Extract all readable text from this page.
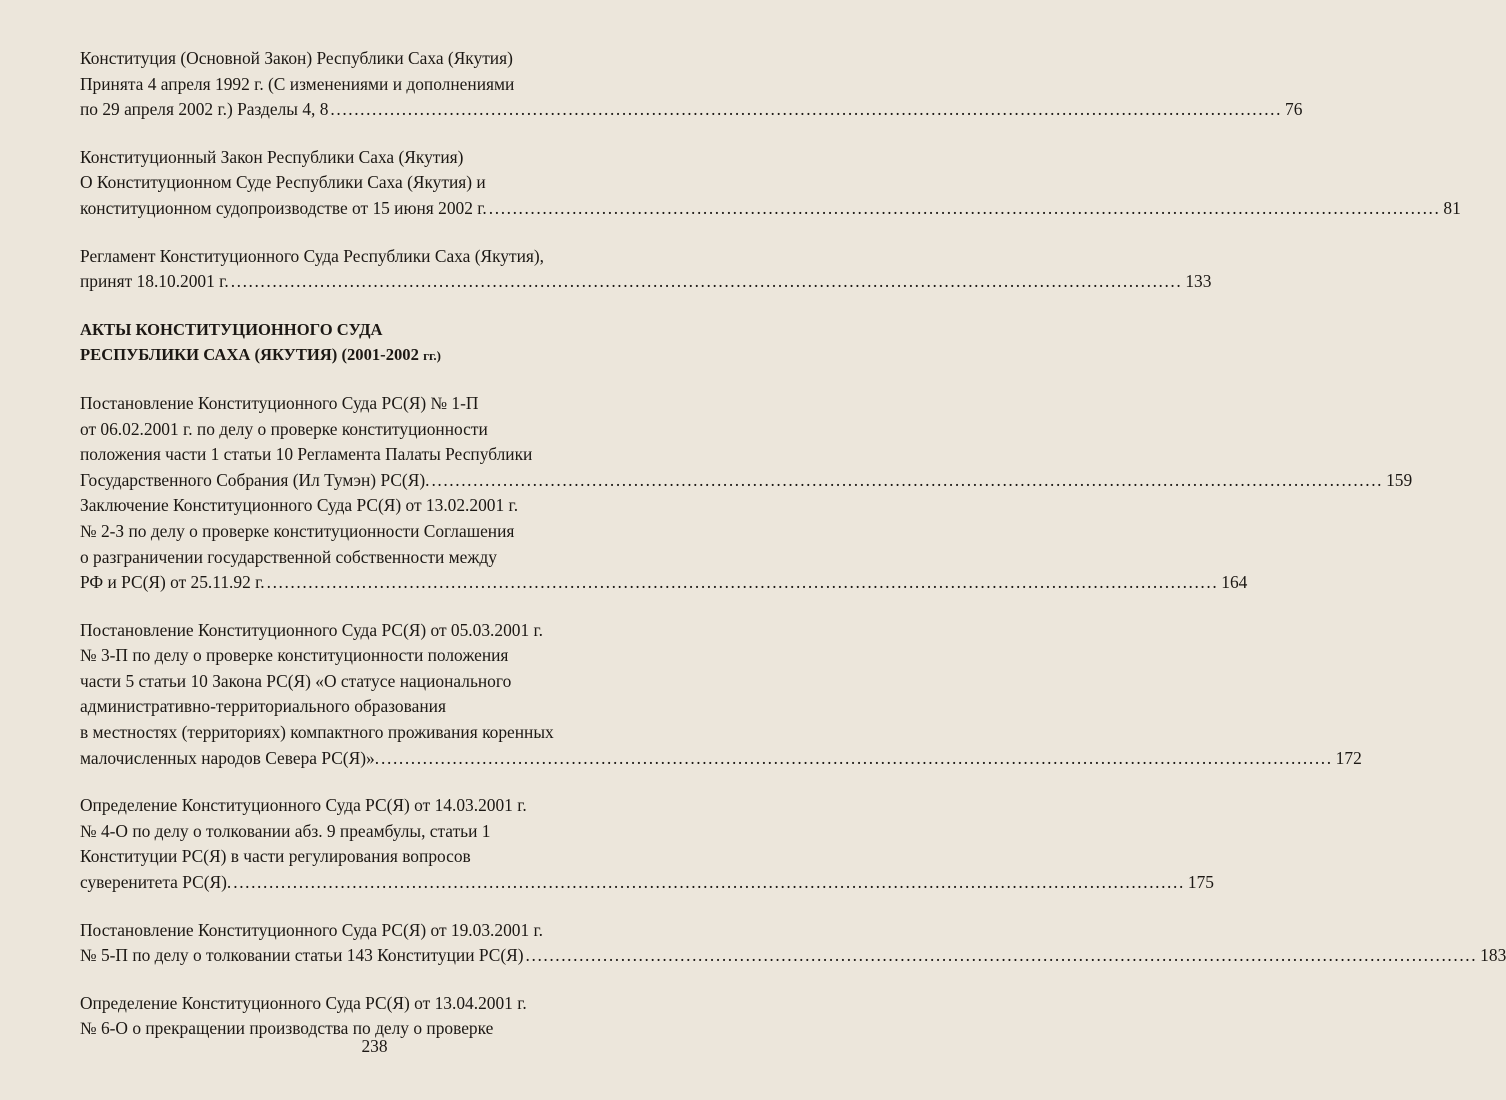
Конституция (Основной Закон) Республики Саха (Якутия)
Принята 4 апреля 1992 г. (С изменениями и дополнениями
по 29 апреля 2002 г.) Разделы 4, 8 ................................................................................................................................................................ 76
Конституционный Закон Республики Саха (Якутия)
О Конституционном Суде Республики Саха (Якутия) и
конституционном судопроизводстве от 15 июня 2002 г. ................................................................................................................................................................ 81
Регламент Конституционного Суда Республики Саха (Якутия),
принят 18.10.2001 г. ................................................................................................................................................................ 133
АКТЫ КОНСТИТУЦИОННОГО СУДА
РЕСПУБЛИКИ САХА (ЯКУТИЯ) (2001-2002 гг.)
Постановление Конституционного Суда РС(Я) № 1-П
от 06.02.2001 г. по делу о проверке конституционности
положения части 1 статьи 10 Регламента Палаты Республики
Государственного Собрания (Ил Тумэн) РС(Я). ................................................................................................................................................................ 159
Заключение Конституционного Суда РС(Я) от 13.02.2001 г.
№ 2-З по делу о проверке конституционности Соглашения
о разграничении государственной собственности между
РФ и РС(Я) от 25.11.92 г. ................................................................................................................................................................ 164
Постановление Конституционного Суда РС(Я) от 05.03.2001 г.
№ 3-П по делу о проверке конституционности положения
части 5 статьи 10 Закона РС(Я) «О статусе национального
административно-территориального образования
в местностях (территориях) компактного проживания коренных
малочисленных народов Севера РС(Я)». ................................................................................................................................................................ 172
Определение Конституционного Суда РС(Я) от 14.03.2001 г.
№ 4-О по делу о толковании абз. 9 преамбулы, статьи 1
Конституции РС(Я) в части регулирования вопросов
суверенитета РС(Я). ................................................................................................................................................................ 175
Постановление Конституционного Суда РС(Я) от 19.03.2001 г.
№ 5-П по делу о толковании статьи 143 Конституции РС(Я) ................................................................................................................................................................ 183
Определение Конституционного Суда РС(Я) от 13.04.2001 г.
№ 6-О о прекращении производства по делу о проверке
238
